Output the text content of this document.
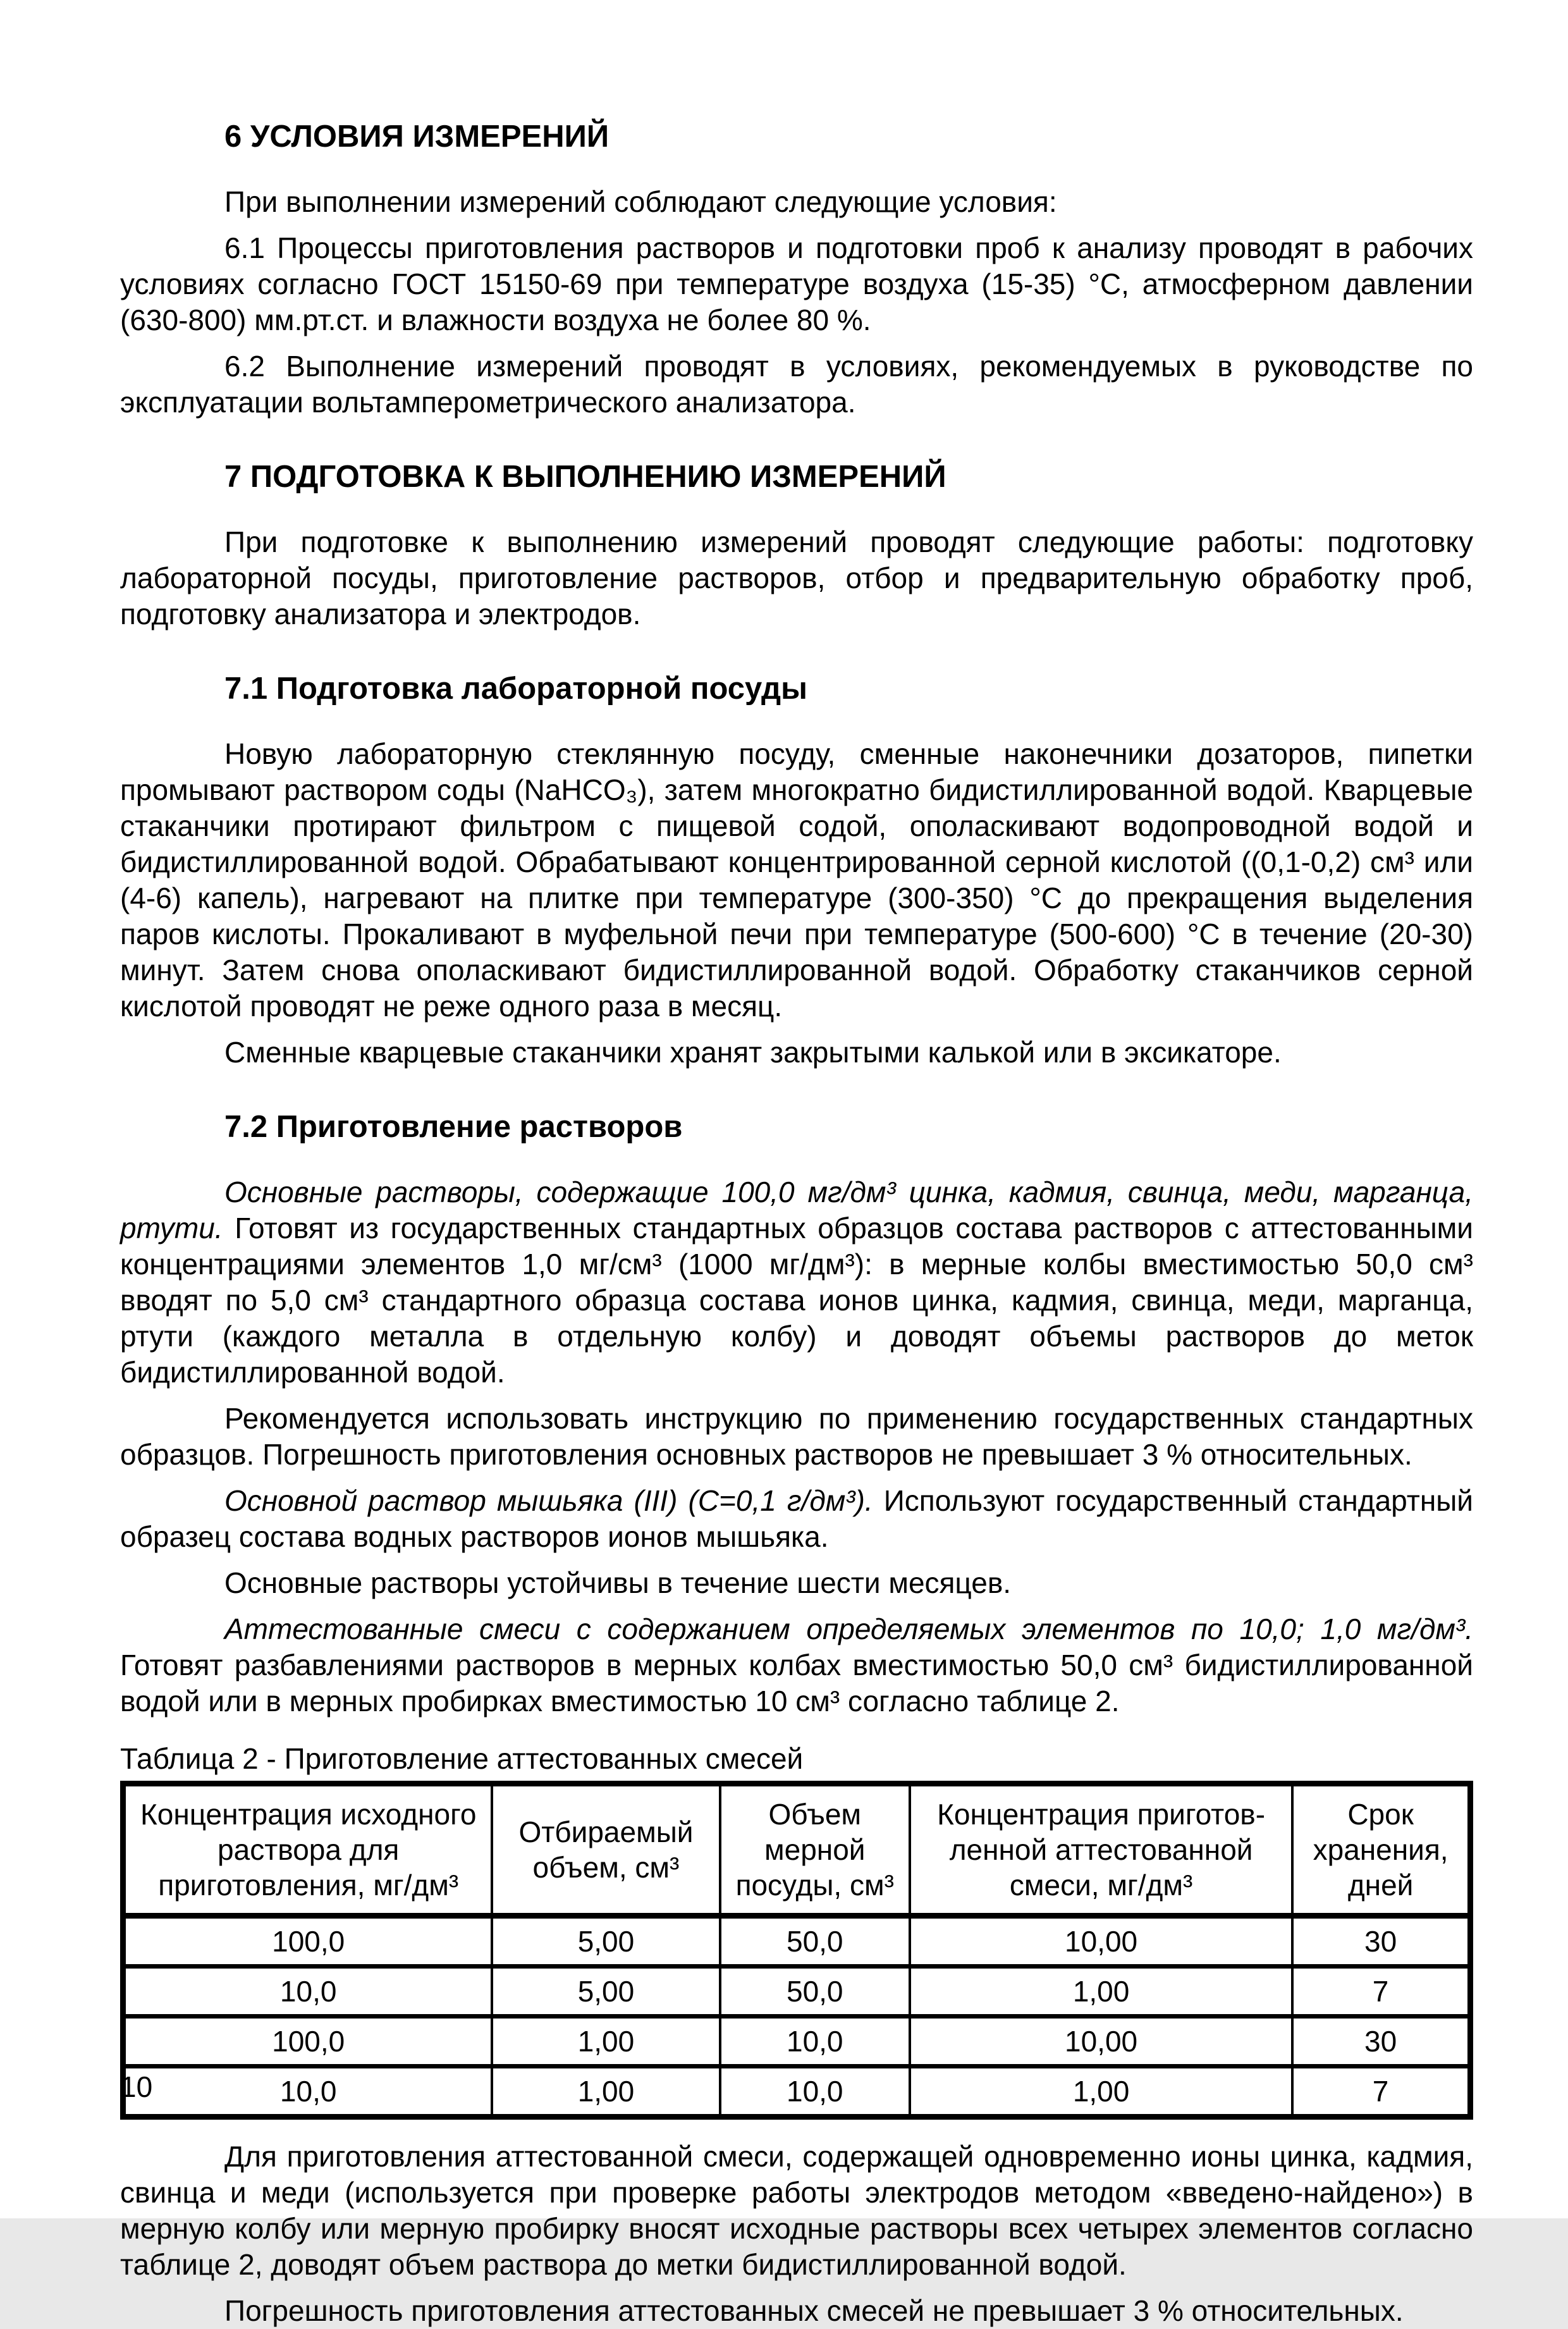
6 УСЛОВИЯ ИЗМЕРЕНИЙ

При выполнении измерений соблюдают следующие условия:

6.1 Процессы приготовления растворов и подготовки проб к анализу проводят в рабочих условиях согласно ГОСТ 15150-69 при температуре воздуха (15-35) °С, атмосферном давлении (630-800) мм.рт.ст. и влажности воздуха не более 80 %.

6.2 Выполнение измерений проводят в условиях, рекомендуемых в руководстве по эксплуатации вольтамперометрического анализатора.

7 ПОДГОТОВКА К ВЫПОЛНЕНИЮ ИЗМЕРЕНИЙ

При подготовке к выполнению измерений проводят следующие работы: подготовку лабораторной посуды, приготовление растворов, отбор и предварительную обработку проб, подготовку анализатора и электродов.

7.1 Подготовка лабораторной посуды

Новую лабораторную стеклянную посуду, сменные наконечники дозаторов, пипетки промывают раствором соды (NaHCO₃), затем многократно бидистиллированной водой. Кварцевые стаканчики протирают фильтром с пищевой содой, ополаскивают водопроводной водой и бидистиллированной водой. Обрабатывают концентрированной серной кислотой ((0,1-0,2) см³ или (4-6) капель), нагревают на плитке при температуре (300-350) °С до прекращения выделения паров кислоты. Прокаливают в муфельной печи при температуре (500-600) °С в течение (20-30) минут. Затем снова ополаскивают бидистиллированной водой. Обработку стаканчиков серной кислотой проводят не реже одного раза в месяц.

Сменные кварцевые стаканчики хранят закрытыми калькой или в эксикаторе.

7.2 Приготовление растворов

Основные растворы, содержащие 100,0 мг/дм³ цинка, кадмия, свинца, меди, марганца, ртути. Готовят из государственных стандартных образцов состава растворов с аттестованными концентрациями элементов 1,0 мг/см³ (1000 мг/дм³): в мерные колбы вместимостью 50,0 см³ вводят по 5,0 см³ стандартного образца состава ионов цинка, кадмия, свинца, меди, марганца, ртути (каждого металла в отдельную колбу) и доводят объемы растворов до меток бидистиллированной водой.

Рекомендуется использовать инструкцию по применению государственных стандартных образцов. Погрешность приготовления основных растворов не превышает 3 % относительных.

Основной раствор мышьяка (III) (С=0,1 г/дм³). Используют государственный стандартный образец состава водных растворов ионов мышьяка.

Основные растворы устойчивы в течение шести месяцев.

Аттестованные смеси с содержанием определяемых элементов по 10,0; 1,0 мг/дм³. Готовят разбавлениями растворов в мерных колбах вместимостью 50,0 см³ бидистиллированной водой или в мерных пробирках вместимостью 10 см³ согласно таблице 2.

Таблица 2 - Приготовление аттестованных смесей

Концентрация исходного раствора для приготовления, мг/дм³	Отбираемый объем, см³	Объем мерной посуды, см³	Концентрация приготовленной аттестованной смеси, мг/дм³	Срок хранения, дней
100,0	5,00	50,0	10,00	30
10,0	5,00	50,0	1,00	7
100,0	1,00	10,0	10,00	30
10,0	1,00	10,0	1,00	7

Для приготовления аттестованной смеси, содержащей одновременно ионы цинка, кадмия, свинца и меди (используется при проверке работы электродов методом «введено-найдено») в мерную колбу или мерную пробирку вносят исходные растворы всех четырех элементов согласно таблице 2, доводят объем раствора до метки бидистиллированной водой.

Погрешность приготовления аттестованных смесей не превышает 3 % относительных.

10
